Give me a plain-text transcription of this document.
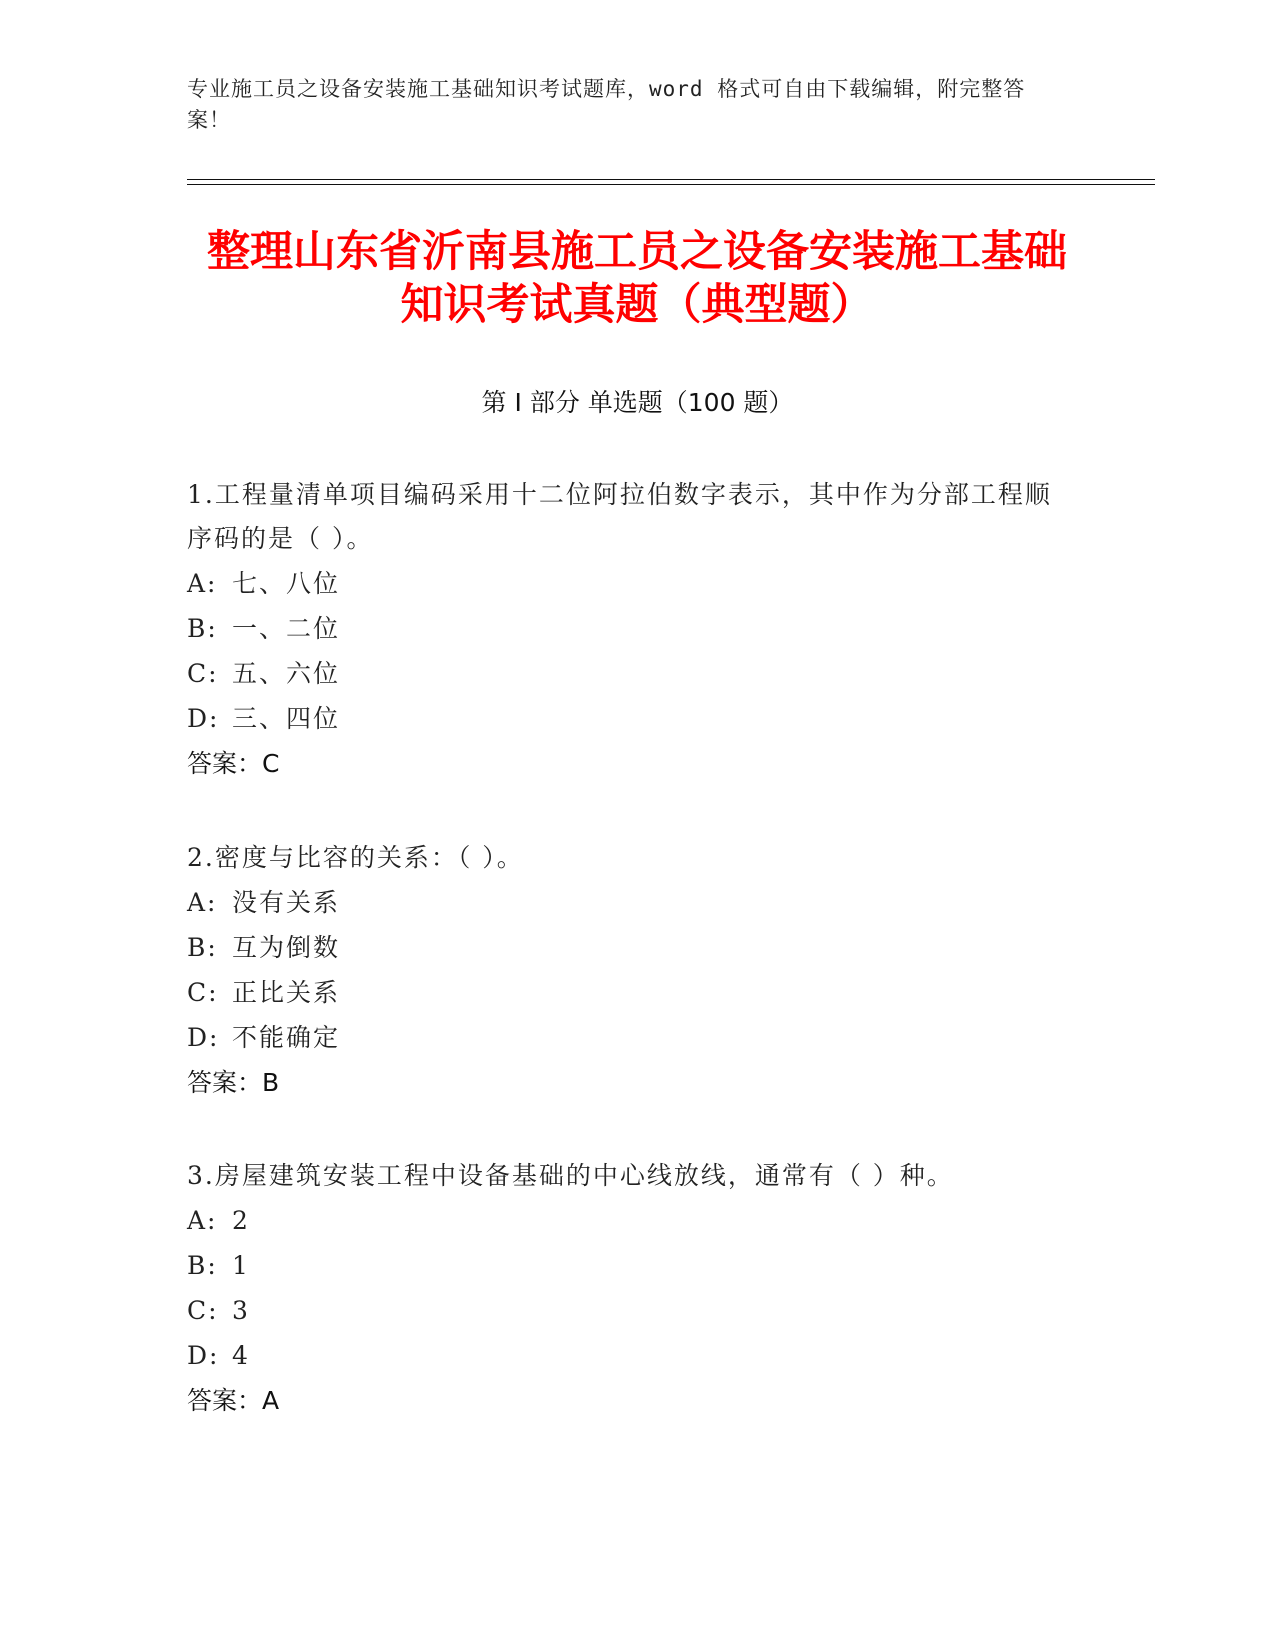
专业施工员之设备安装施工基础知识考试题库，word 格式可自由下载编辑，附完整答案！
整理山东省沂南县施工员之设备安装施工基础知识考试真题（典型题）
第 I 部分 单选题（100 题）
1.工程量清单项目编码采用十二位阿拉伯数字表示，其中作为分部工程顺序码的是（ ）。
A: 七、八位
B: 一、二位
C: 五、六位
D: 三、四位
答案：C
2.密度与比容的关系：（ ）。
A: 没有关系
B: 互为倒数
C: 正比关系
D: 不能确定
答案：B
3.房屋建筑安装工程中设备基础的中心线放线，通常有（ ）种。
A: 2
B: 1
C: 3
D: 4
答案：A
